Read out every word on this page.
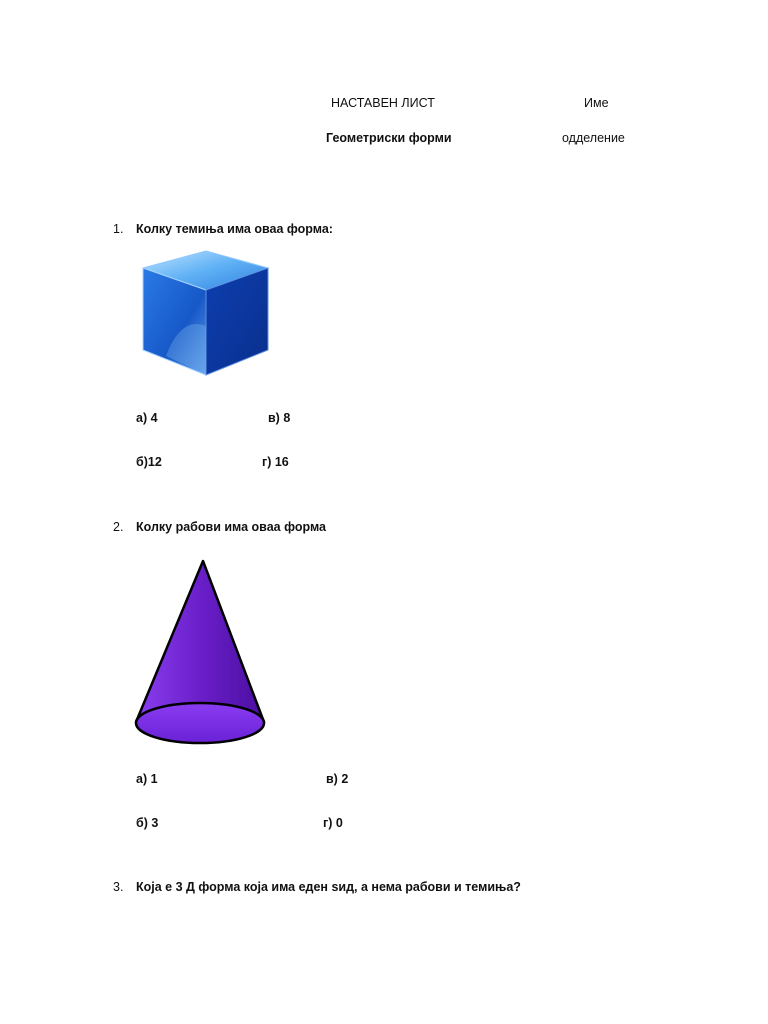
НАСТАВЕН ЛИСТ	Име
Геометриски форми	одделение
1. Колку темиња има оваа форма:
а) 4	в) 8
б)12	г) 16
2. Колку рабови има оваа форма
а) 1	в) 2
б) 3	г) 0
3. Која е 3 Д форма која има еден ѕид, а нема рабови и темиња?
